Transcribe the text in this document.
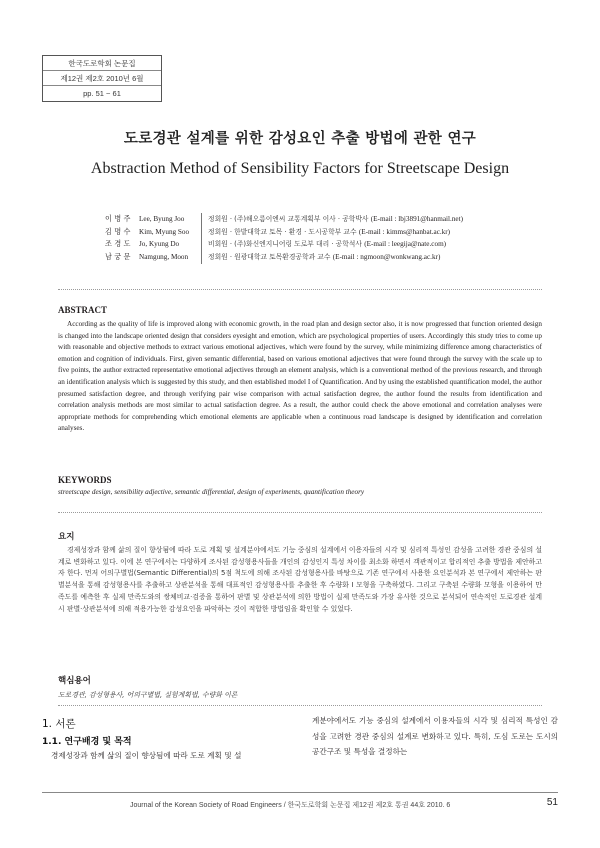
한국도로학회 논문집
제12권 제2호 2010년 6월
pp. 51 ~ 61
도로경관 설계를 위한 감성요인 추출 방법에 관한 연구
Abstraction Method of Sensibility Factors for Streetscape Design
이 병 주	Lee, Byung Joo	정회원 · (주)해오름이엔씨 교통계획부 이사 · 공학박사
(E-mail : lbj3891@hanmail.net)
김 명 수	Kim, Myung Soo	정회원 · 한밭대학교 토목 · 환경 · 도시공학부 교수
(E-mail : kimms@hanbat.ac.kr)
조 경 도	Jo, Kyung Do	비회원 · (주)화신엔지니어링 도로부 대리 · 공학석사
(E-mail : leegija@nate.com)
남 궁 문	Namgung, Moon	정회원 · 원광대학교 토목환경공학과 교수
(E-mail : ngmoon@wonkwang.ac.kr)
ABSTRACT
According as the quality of life is improved along with economic growth, in the road plan and design sector also, it is now progressed that function oriented design is changed into the landscape oriented design that considers eyesight and emotion, which are psychological properties of users. Accordingly this study tries to come up with reasonable and objective methods to extract various emotional adjectives, which were found by the survey, while minimizing difference among characteristics of emotion and cognition of individuals. First, given semantic differential, based on various emotional adjectives that were found through the survey with the scale up to five points, the author extracted representative emotional adjectives through an element analysis, which is a conventional method of the previous research, and through an identification analysis which is suggested by this study, and then established model I of Quantification. And by using the established quantification model, the author presumed satisfaction degree, and through verifying pair wise comparison with actual satisfaction degree, the author found the results from identification and correlation analysis methods are most similar to actual satisfaction degree. As a result, the author could check the above emotional and correlation analyses were appropriate methods for comprehending which emotional elements are applicable when a continuous road landscape is designed by identification and correlation analyses.
KEYWORDS
streetscape design, sensibility adjective, semantic differential, design of experiments, quantification theory
요지
경제성장과 함께 삶의 질이 향상됨에 따라 도로 계획 및 설계분야에서도 기능 중심의 설계에서 이용자들의 시각 및 심리적 특성인 감성을 고려한 경관 중심의 설계로 변화하고 있다. 이에 본 연구에서는 다양하게 조사된 감성형용사들을 개인의 감성인지 특성 차이를 최소화 하면서 객관적이고 합리적인 추출 방법을 제안하고자 한다. 먼저 어의구별법(Semantic Differential)의 5점 척도에 의해 조사된 감성형용사를 바탕으로 기존 연구에서 사용한 요인분석과 본 연구에서 제안하는 판별분석을 통해 감성형용사를 추출하고 상관분석을 통해 대표적인 감성형용사를 추출한 후 수량화 Ⅰ 모형을 구축하였다. 그리고 구축된 수량화 모형을 이용하여 만족도를 예측한 후 실제 만족도와의 쌍체비교·검증을 통하여 판별 및 상관분석에 의한 방법이 실제 만족도와 가장 유사한 것으로 분석되어 연속적인 도로경관 설계시 판별·상관분석에 의해 적용가능한 감성요인을 파악하는 것이 적합한 방법임을 확인할 수 있었다.
핵심용어
도로경관, 감성형용사, 어의구별법, 실험계획법, 수량화 이론
1. 서론
1.1. 연구배경 및 목적
경제성장과 함께 삶의 질이 향상됨에 따라 도로 계획 및 설
계분야에서도 기능 중심의 설계에서 이용자들의 시각 및 심리적 특성인 감성을 고려한 경관 중심의 설계로 변화하고 있다. 특히, 도심 도로는 도시의 공간구조 및 특성을 결정하는
Journal of the Korean Society of Road Engineers / 한국도로학회 논문집 제12권 제2호 통권 44호 2010. 6	51
